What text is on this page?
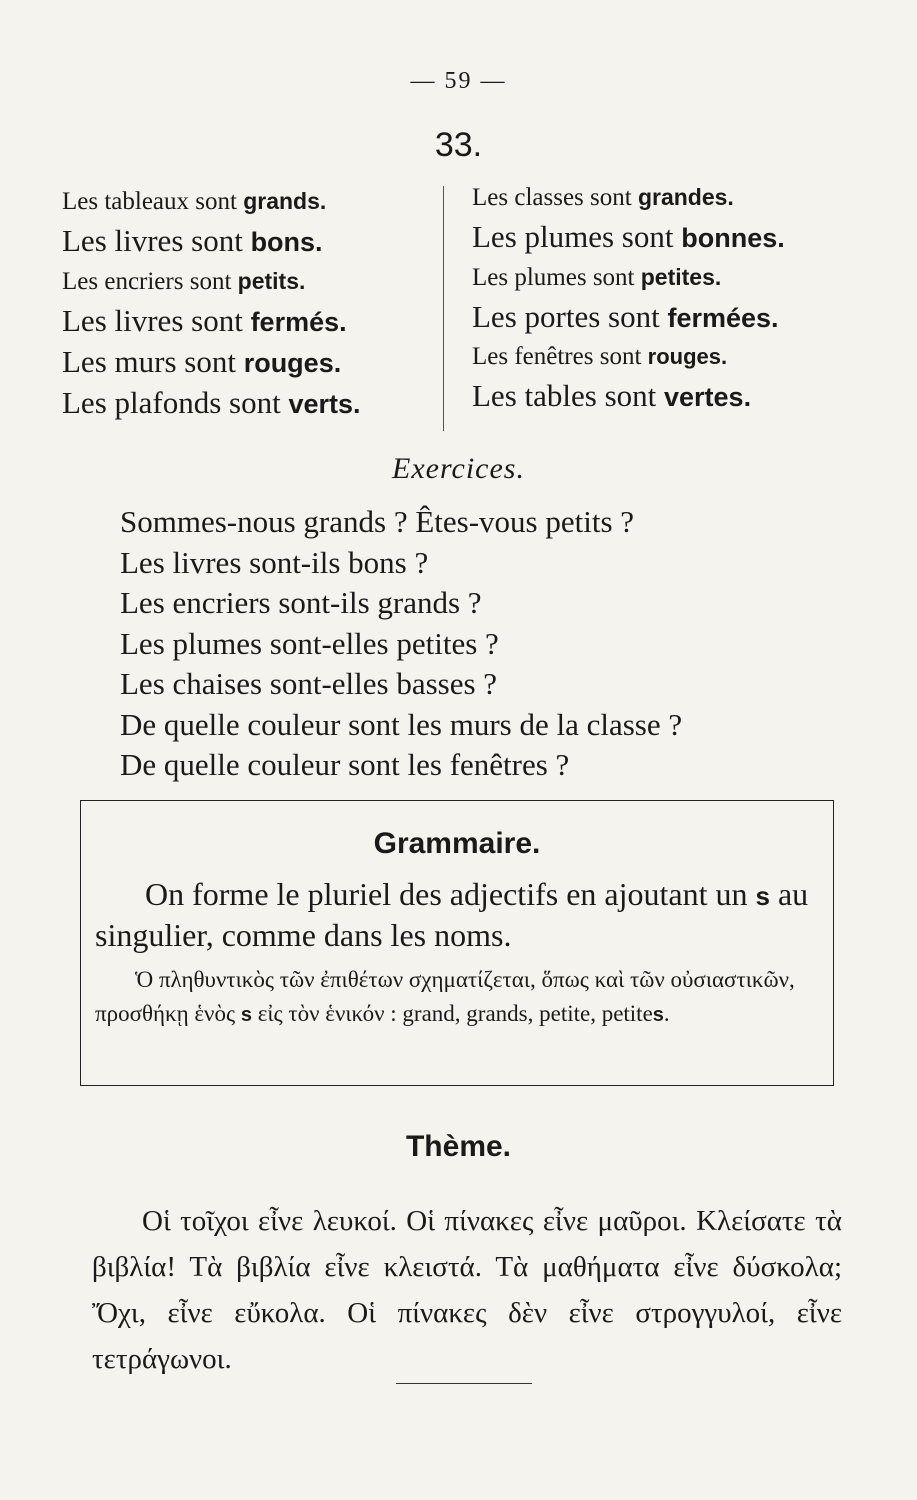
— 59 —
33.
Les tableaux sont grands.
Les livres sont bons.
Les encriers sont petits.
Les livres sont fermés.
Les murs sont rouges.
Les plafonds sont verts.
Les classes sont grandes.
Les plumes sont bonnes.
Les plumes sont petites.
Les portes sont fermées.
Les fenêtres sont rouges.
Les tables sont vertes.
Exercices.
Sommes-nous grands ? Êtes-vous petits ?
Les livres sont-ils bons ?
Les encriers sont-ils grands ?
Les plumes sont-elles petites ?
Les chaises sont-elles basses ?
De quelle couleur sont les murs de la classe ?
De quelle couleur sont les fenêtres ?
Grammaire.
On forme le pluriel des adjectifs en ajoutant un s au singulier, comme dans les noms.
Ὁ πληθυντικὸς τῶν ἐπιθέτων σχηματίζεται, ὅπως καὶ τῶν οὐσιαστικῶν, προσθήκῃ ἑνὸς s εἰς τὸν ἑνικόν : grand, grands, petite, petites.
Thème.
Οἱ τοῖχοι εἶνε λευκοί. Οἱ πίνακες εἶνε μαῦροι. Κλείσατε τὰ βιβλία! Τὰ βιβλία εἶνε κλειστά. Τὰ μαθήματα εἶνε δύσκολα; Ὄχι, εἶνε εὔκολα. Οἱ πίνακες δὲν εἶνε στρογγυλοί, εἶνε τετράγωνοι.
